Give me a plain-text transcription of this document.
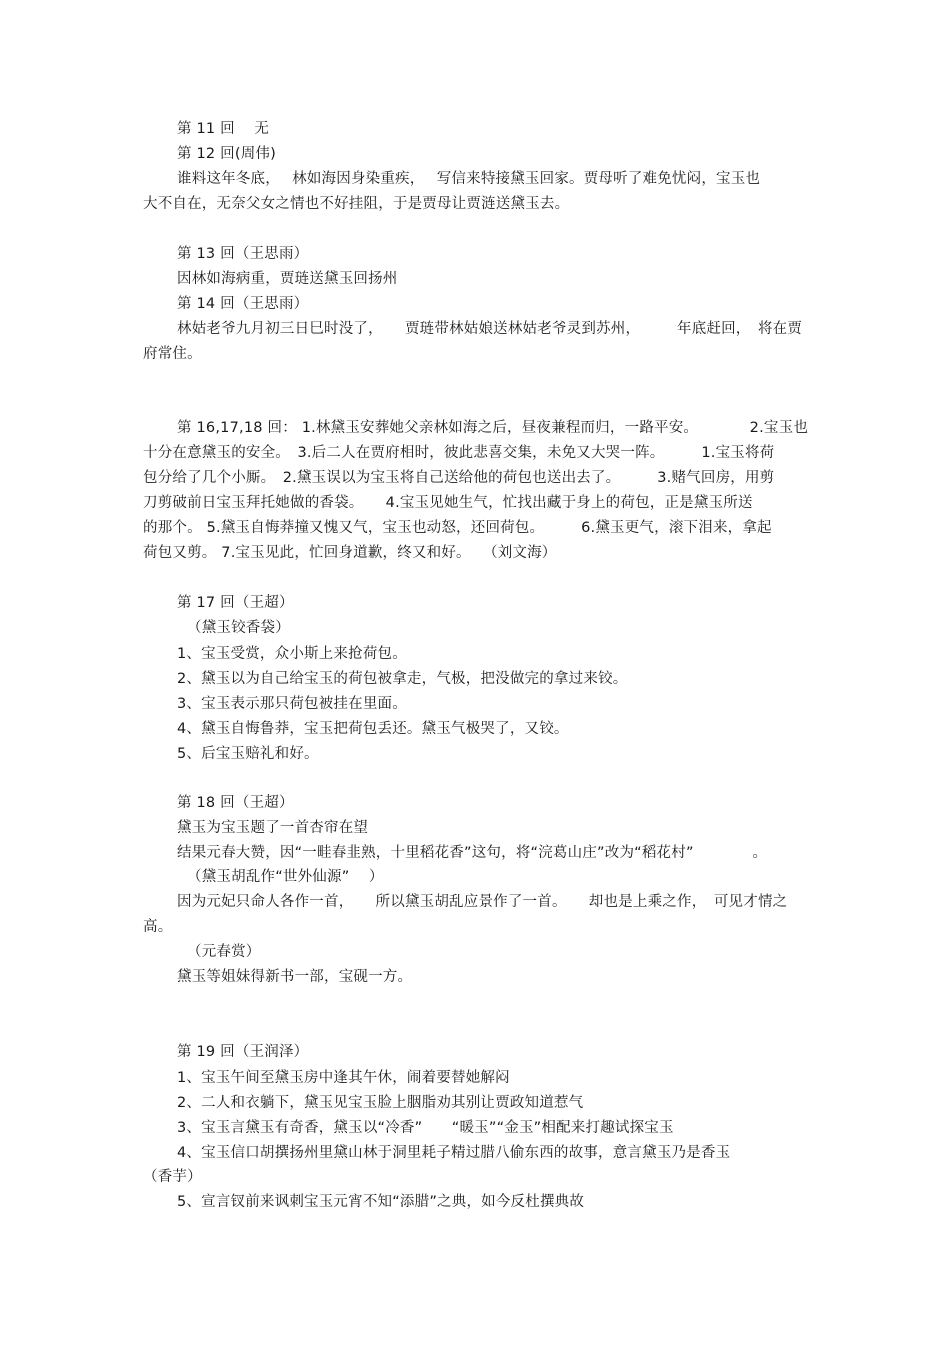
第 11 回　 无
第 12 回(周伟)
谁料这年冬底，　 林如海因身染重疾，　 写信来特接黛玉回家。贾母听了难免忧闷，宝玉也
大不自在，无奈父女之情也不好挂阻，于是贾母让贾涟送黛玉去。
第 13 回（王思雨）
因林如海病重，贾琏送黛玉回扬州
第 14 回（王思雨）
林姑老爷九月初三日巳时没了，　　贾琏带林姑娘送林姑老爷灵到苏州，　　　年底赶回，　将在贾
府常住。
第 16,17,18 回： 1.林黛玉安葬她父亲林如海之后，昼夜兼程而归，一路平安。　　　　2.宝玉也
十分在意黛玉的安全。　3.后二人在贾府相时，彼此悲喜交集，未免又大哭一阵。　　　1.宝玉将荷
包分给了几个小厮。　2.黛玉误以为宝玉将自己送给他的荷包也送出去了。　　　3.赌气回房，用剪
刀剪破前日宝玉拜托她做的香袋。　　4.宝玉见她生气，忙找出藏于身上的荷包，正是黛玉所送
的那个。 5.黛玉自悔莽撞又愧又气，宝玉也动怒，还回荷包。　　　6.黛玉更气，滚下泪来，拿起
荷包又剪。 7.宝玉见此，忙回身道歉，终又和好。　 （刘文海）
第 17 回（王超）
（黛玉铰香袋）
1、宝玉受赏，众小斯上来抢荷包。
2、黛玉以为自己给宝玉的荷包被拿走，气极，把没做完的拿过来铰。
3、宝玉表示那只荷包被挂在里面。
4、黛玉自悔鲁莽，宝玉把荷包丢还。黛玉气极哭了，又铰。
5、后宝玉赔礼和好。
第 18 回（王超）
黛玉为宝玉题了一首杏帘在望
结果元春大赞，因“一畦春韭熟，十里稻花香”这句，将“浣葛山庄”改为“稻花村”　　　　。
（黛玉胡乱作“世外仙源”　 ）
因为元妃只命人各作一首，　　所以黛玉胡乱应景作了一首。　　却也是上乘之作，　可见才情之
高。
（元春赏）
黛玉等姐妹得新书一部，宝砚一方。
第 19 回（王润泽）
1、宝玉午间至黛玉房中逢其午休，闹着要替她解闷
2、二人和衣躺下，黛玉见宝玉脸上胭脂劝其别让贾政知道惹气
3、宝玉言黛玉有奇香，黛玉以“冷香”　　“暖玉”“金玉”相配来打趣试探宝玉
4、宝玉信口胡撰扬州里黛山林于洞里耗子精过腊八偷东西的故事，意言黛玉乃是香玉
（香芋）
5、宣言钗前来讽刺宝玉元宵不知“添腊”之典，如今反杜撰典故
